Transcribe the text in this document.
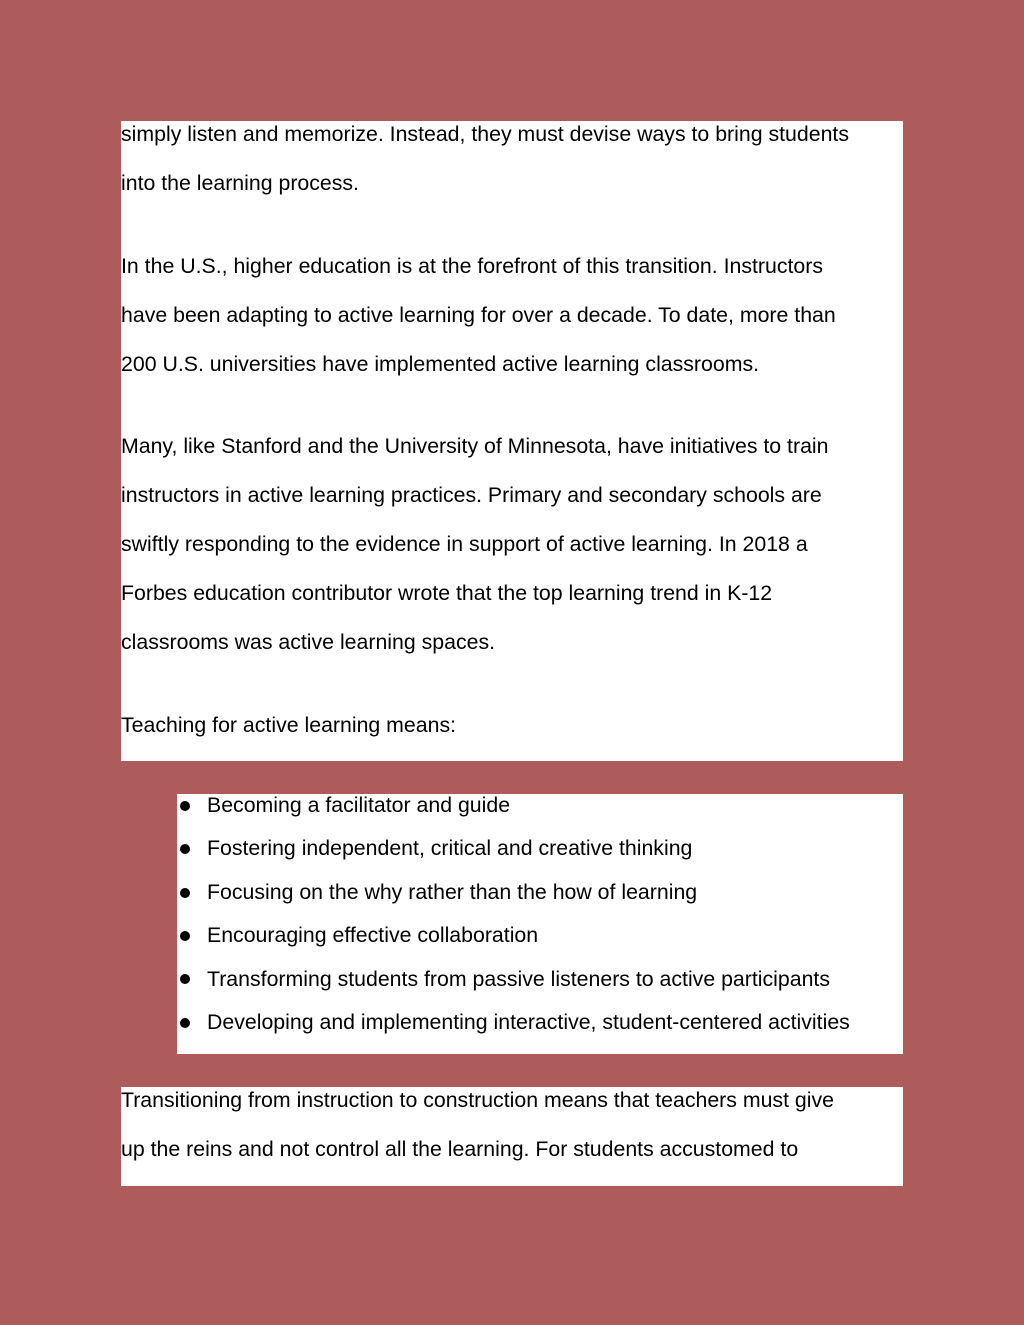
simply listen and memorize. Instead, they must devise ways to bring students

into the learning process.

In the U.S., higher education is at the forefront of this transition. Instructors

have been adapting to active learning for over a decade. To date, more than

200 U.S. universities have implemented active learning classrooms.

Many, like Stanford and the University of Minnesota, have initiatives to train

instructors in active learning practices. Primary and secondary schools are

swiftly responding to the evidence in support of active learning. In 2018 a

Forbes education contributor wrote that the top learning trend in K-12

classrooms was active learning spaces.

Teaching for active learning means:

Becoming a facilitator and guide
Fostering independent, critical and creative thinking
Focusing on the why rather than the how of learning
Encouraging effective collaboration
Transforming students from passive listeners to active participants
Developing and implementing interactive, student-centered activities

Transitioning from instruction to construction means that teachers must give

up the reins and not control all the learning. For students accustomed to
